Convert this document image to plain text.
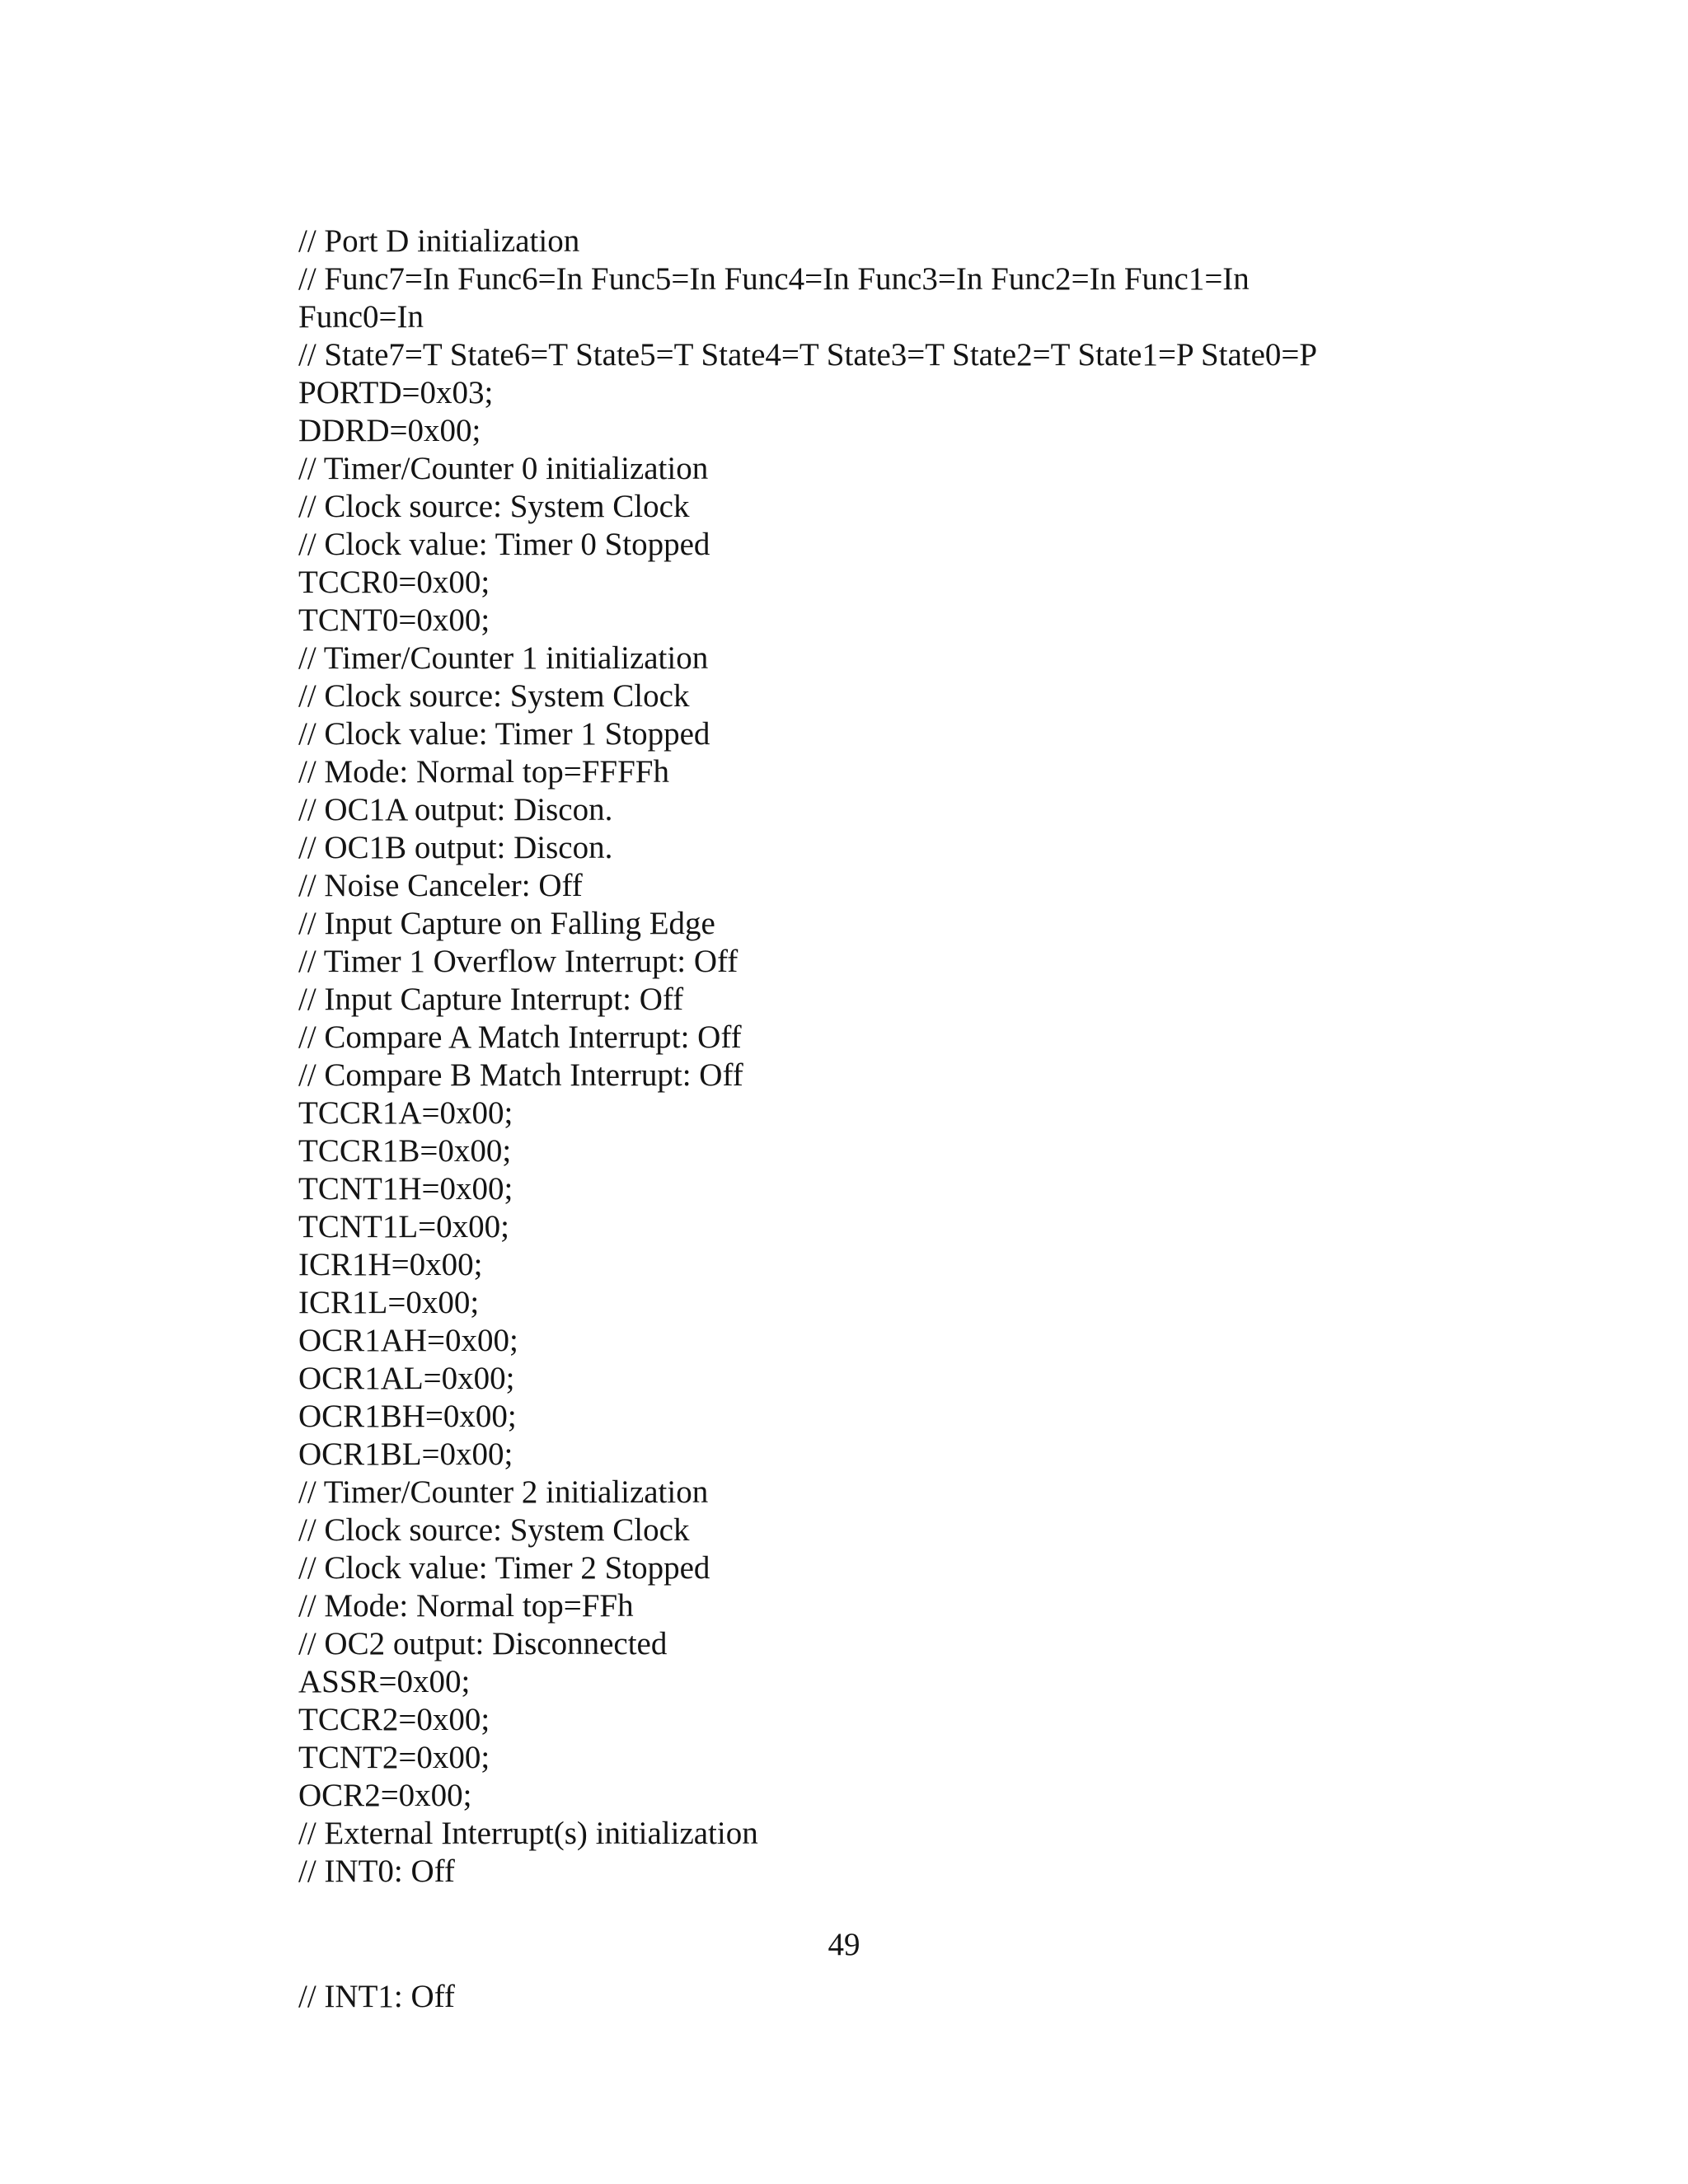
// Port D initialization
// Func7=In Func6=In Func5=In Func4=In Func3=In Func2=In Func1=In
Func0=In
// State7=T State6=T State5=T State4=T State3=T State2=T State1=P State0=P
PORTD=0x03;
DDRD=0x00;
// Timer/Counter 0 initialization
// Clock source: System Clock
// Clock value: Timer 0 Stopped
TCCR0=0x00;
TCNT0=0x00;
// Timer/Counter 1 initialization
// Clock source: System Clock
// Clock value: Timer 1 Stopped
// Mode: Normal top=FFFFh
// OC1A output: Discon.
// OC1B output: Discon.
// Noise Canceler: Off
// Input Capture on Falling Edge
// Timer 1 Overflow Interrupt: Off
// Input Capture Interrupt: Off
// Compare A Match Interrupt: Off
// Compare B Match Interrupt: Off
TCCR1A=0x00;
TCCR1B=0x00;
TCNT1H=0x00;
TCNT1L=0x00;
ICR1H=0x00;
ICR1L=0x00;
OCR1AH=0x00;
OCR1AL=0x00;
OCR1BH=0x00;
OCR1BL=0x00;
// Timer/Counter 2 initialization
// Clock source: System Clock
// Clock value: Timer 2 Stopped
// Mode: Normal top=FFh
// OC2 output: Disconnected
ASSR=0x00;
TCCR2=0x00;
TCNT2=0x00;
OCR2=0x00;
// External Interrupt(s) initialization
// INT0: Off
49
// INT1: Off
